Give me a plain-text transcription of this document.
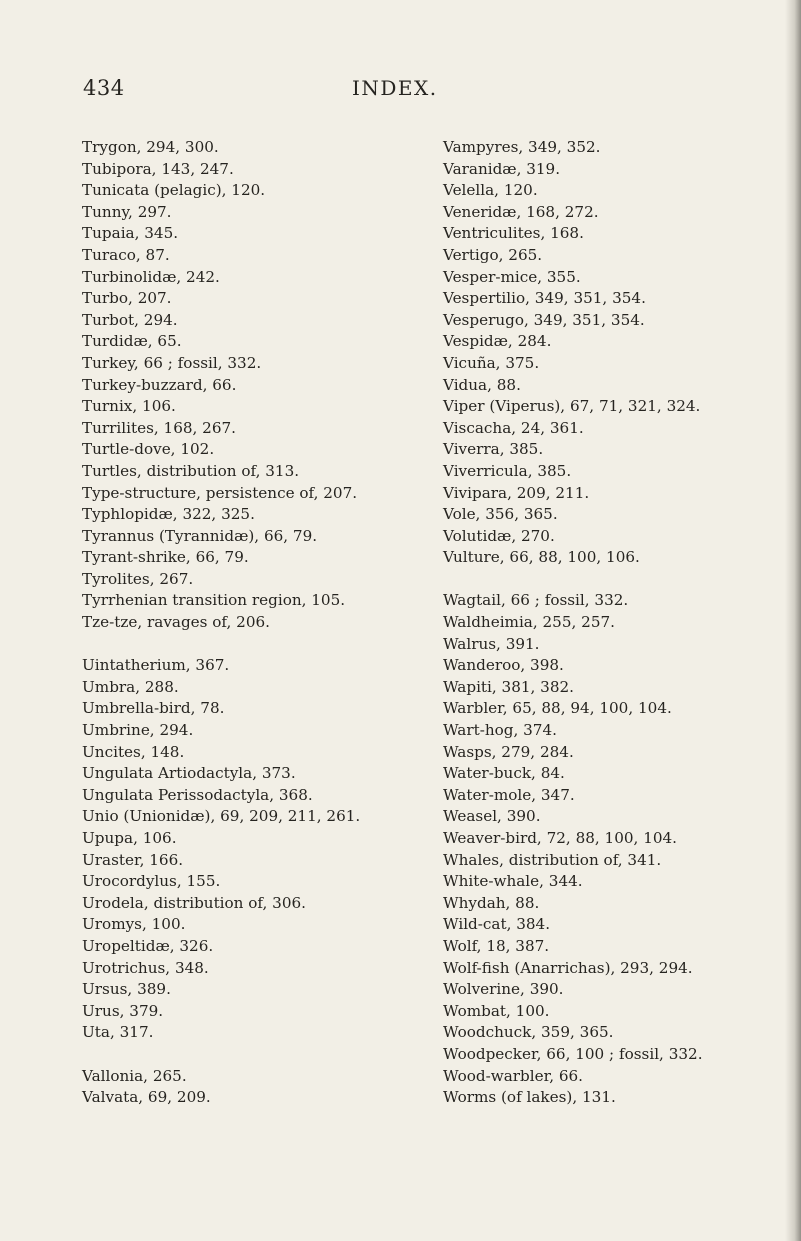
434	INDEX.
Trygon, 294, 300.
Tubipora, 143, 247.
Tunicata (pelagic), 120.
Tunny, 297.
Tupaia, 345.
Turaco, 87.
Turbinolidæ, 242.
Turbo, 207.
Turbot, 294.
Turdidæ, 65.
Turkey, 66 ; fossil, 332.
Turkey-buzzard, 66.
Turnix, 106.
Turrilites, 168, 267.
Turtle-dove, 102.
Turtles, distribution of, 313.
Type-structure, persistence of, 207.
Typhlopidæ, 322, 325.
Tyrannus (Tyrannidæ), 66, 79.
Tyrant-shrike, 66, 79.
Tyrolites, 267.
Tyrrhenian transition region, 105.
Tze-tze, ravages of, 206.
Uintatherium, 367.
Umbra, 288.
Umbrella-bird, 78.
Umbrine, 294.
Uncites, 148.
Ungulata Artiodactyla, 373.
Ungulata Perissodactyla, 368.
Unio (Unionidæ), 69, 209, 211, 261.
Upupa, 106.
Uraster, 166.
Urocordylus, 155.
Urodela, distribution of, 306.
Uromys, 100.
Uropeltidæ, 326.
Urotrichus, 348.
Ursus, 389.
Urus, 379.
Uta, 317.
Vallonia, 265.
Valvata, 69, 209.
Vampyres, 349, 352.
Varanidæ, 319.
Velella, 120.
Veneridæ, 168, 272.
Ventriculites, 168.
Vertigo, 265.
Vesper-mice, 355.
Vespertilio, 349, 351, 354.
Vesperugo, 349, 351, 354.
Vespidæ, 284.
Vicuña, 375.
Vidua, 88.
Viper (Viperus), 67, 71, 321, 324.
Viscacha, 24, 361.
Viverra, 385.
Viverricula, 385.
Vivipara, 209, 211.
Vole, 356, 365.
Volutidæ, 270.
Vulture, 66, 88, 100, 106.
Wagtail, 66 ; fossil, 332.
Waldheimia, 255, 257.
Walrus, 391.
Wanderoo, 398.
Wapiti, 381, 382.
Warbler, 65, 88, 94, 100, 104.
Wart-hog, 374.
Wasps, 279, 284.
Water-buck, 84.
Water-mole, 347.
Weasel, 390.
Weaver-bird, 72, 88, 100, 104.
Whales, distribution of, 341.
White-whale, 344.
Whydah, 88.
Wild-cat, 384.
Wolf, 18, 387.
Wolf-fish (Anarrichas), 293, 294.
Wolverine, 390.
Wombat, 100.
Woodchuck, 359, 365.
Woodpecker, 66, 100 ; fossil, 332.
Wood-warbler, 66.
Worms (of lakes), 131.
